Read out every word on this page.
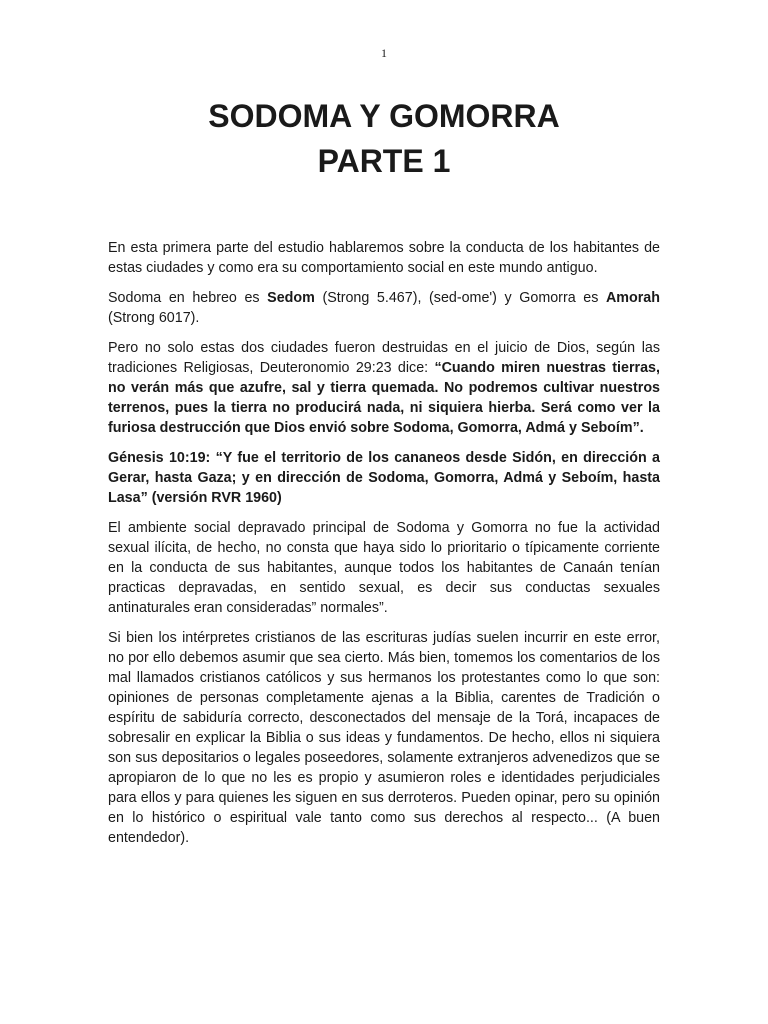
1
SODOMA Y GOMORRA
PARTE 1

En esta primera parte del estudio hablaremos sobre la conducta de los habitantes de estas ciudades y como era su comportamiento social en este mundo antiguo.

Sodoma en hebreo es Sedom (Strong 5.467), (sed-ome') y Gomorra es Amorah (Strong 6017).

Pero no solo estas dos ciudades fueron destruidas en el juicio de Dios, según las tradiciones Religiosas, Deuteronomio 29:23 dice: “Cuando miren nuestras tierras, no verán más que azufre, sal y tierra quemada. No podremos cultivar nuestros terrenos, pues la tierra no producirá nada, ni siquiera hierba. Será como ver la furiosa destrucción que Dios envió sobre Sodoma, Gomorra, Admá y Seboím”.

Génesis 10:19: “Y fue el territorio de los cananeos desde Sidón, en dirección a Gerar, hasta Gaza; y en dirección de Sodoma, Gomorra, Admá y Seboím, hasta Lasa” (versión RVR 1960)

El ambiente social depravado principal de Sodoma y Gomorra no fue la actividad sexual ilícita, de hecho, no consta que haya sido lo prioritario o típicamente corriente en la conducta de sus habitantes, aunque todos los habitantes de Canaán tenían practicas depravadas, en sentido sexual, es decir sus conductas sexuales antinaturales eran consideradas” normales”.

Si bien los intérpretes cristianos de las escrituras judías suelen incurrir en este error, no por ello debemos asumir que sea cierto. Más bien, tomemos los comentarios de los mal llamados cristianos católicos y sus hermanos los protestantes como lo que son: opiniones de personas completamente ajenas a la Biblia, carentes de Tradición o espíritu de sabiduría correcto, desconectados del mensaje de la Torá, incapaces de sobresalir en explicar la Biblia o sus ideas y fundamentos. De hecho, ellos ni siquiera son sus depositarios o legales poseedores, solamente extranjeros advenedizos que se apropiaron de lo que no les es propio y asumieron roles e identidades perjudiciales para ellos y para quienes les siguen en sus derroteros. Pueden opinar, pero su opinión en lo histórico o espiritual vale tanto como sus derechos al respecto... (A buen entendedor).
